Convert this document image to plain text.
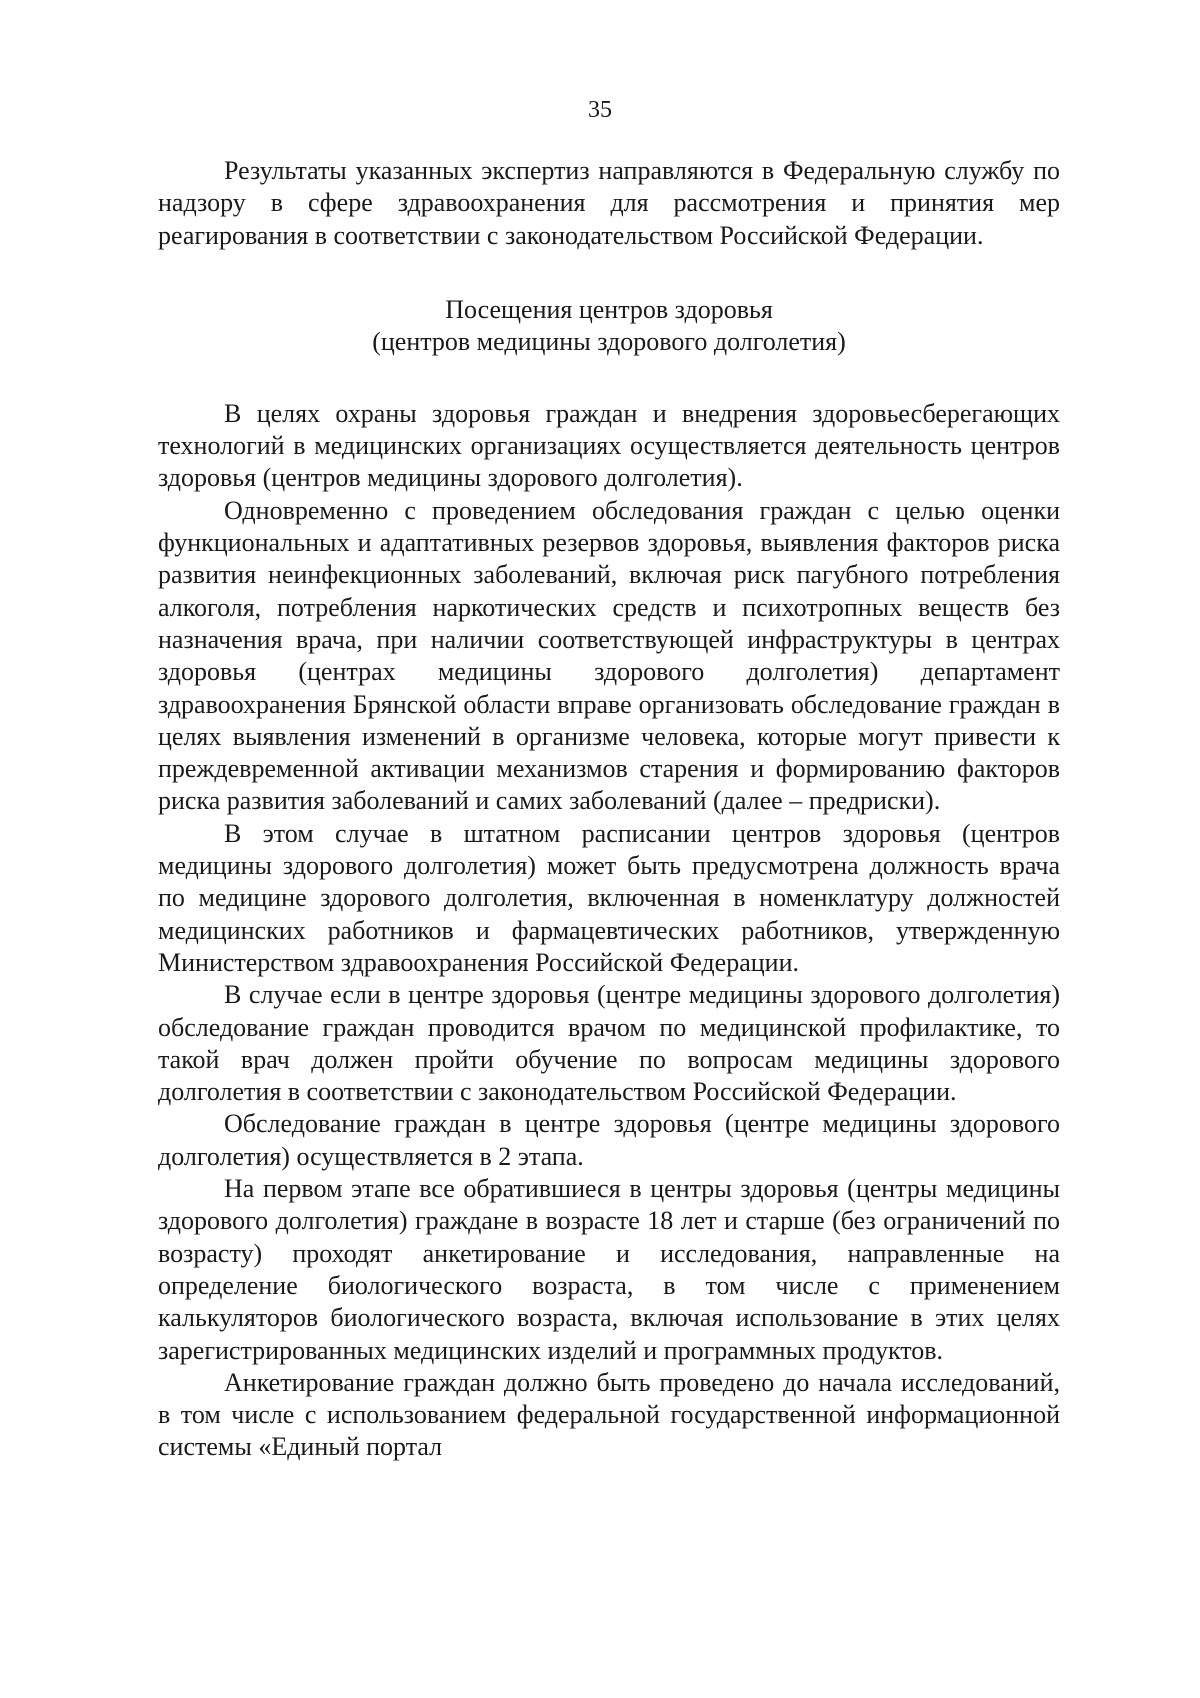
35

Результаты указанных экспертиз направляются в Федеральную службу по надзору в сфере здравоохранения для рассмотрения и принятия мер реагирования в соответствии с законодательством Российской Федерации.

Посещения центров здоровья

(центров медицины здорового долголетия)

В целях охраны здоровья граждан и внедрения здоровьесберегающих технологий в медицинских организациях осуществляется деятельность центров здоровья (центров медицины здорового долголетия).

Одновременно с проведением обследования граждан с целью оценки функциональных и адаптативных резервов здоровья, выявления факторов риска развития неинфекционных заболеваний, включая риск пагубного потребления алкоголя, потребления наркотических средств и психотропных веществ без назначения врача, при наличии соответствующей инфраструктуры в центрах здоровья (центрах медицины здорового долголетия) департамент здравоохранения Брянской области вправе организовать обследование граждан в целях выявления изменений в организме человека, которые могут привести к преждевременной активации механизмов старения и формированию факторов риска развития заболеваний и самих заболеваний (далее – предриски).

В этом случае в штатном расписании центров здоровья (центров медицины здорового долголетия) может быть предусмотрена должность врача по медицине здорового долголетия, включенная в номенклатуру должностей медицинских работников и фармацевтических работников, утвержденную Министерством здравоохранения Российской Федерации.

В случае если в центре здоровья (центре медицины здорового долголетия) обследование граждан проводится врачом по медицинской профилактике, то такой врач должен пройти обучение по вопросам медицины здорового долголетия в соответствии с законодательством Российской Федерации.

Обследование граждан в центре здоровья (центре медицины здорового долголетия) осуществляется в 2 этапа.

На первом этапе все обратившиеся в центры здоровья (центры медицины здорового долголетия) граждане в возрасте 18 лет и старше (без ограничений по возрасту) проходят анкетирование и исследования, направленные на определение биологического возраста, в том числе с применением калькуляторов биологического возраста, включая использование в этих целях зарегистрированных медицинских изделий и программных продуктов.

Анкетирование граждан должно быть проведено до начала исследований, в том числе с использованием федеральной государственной информационной системы «Единый портал
